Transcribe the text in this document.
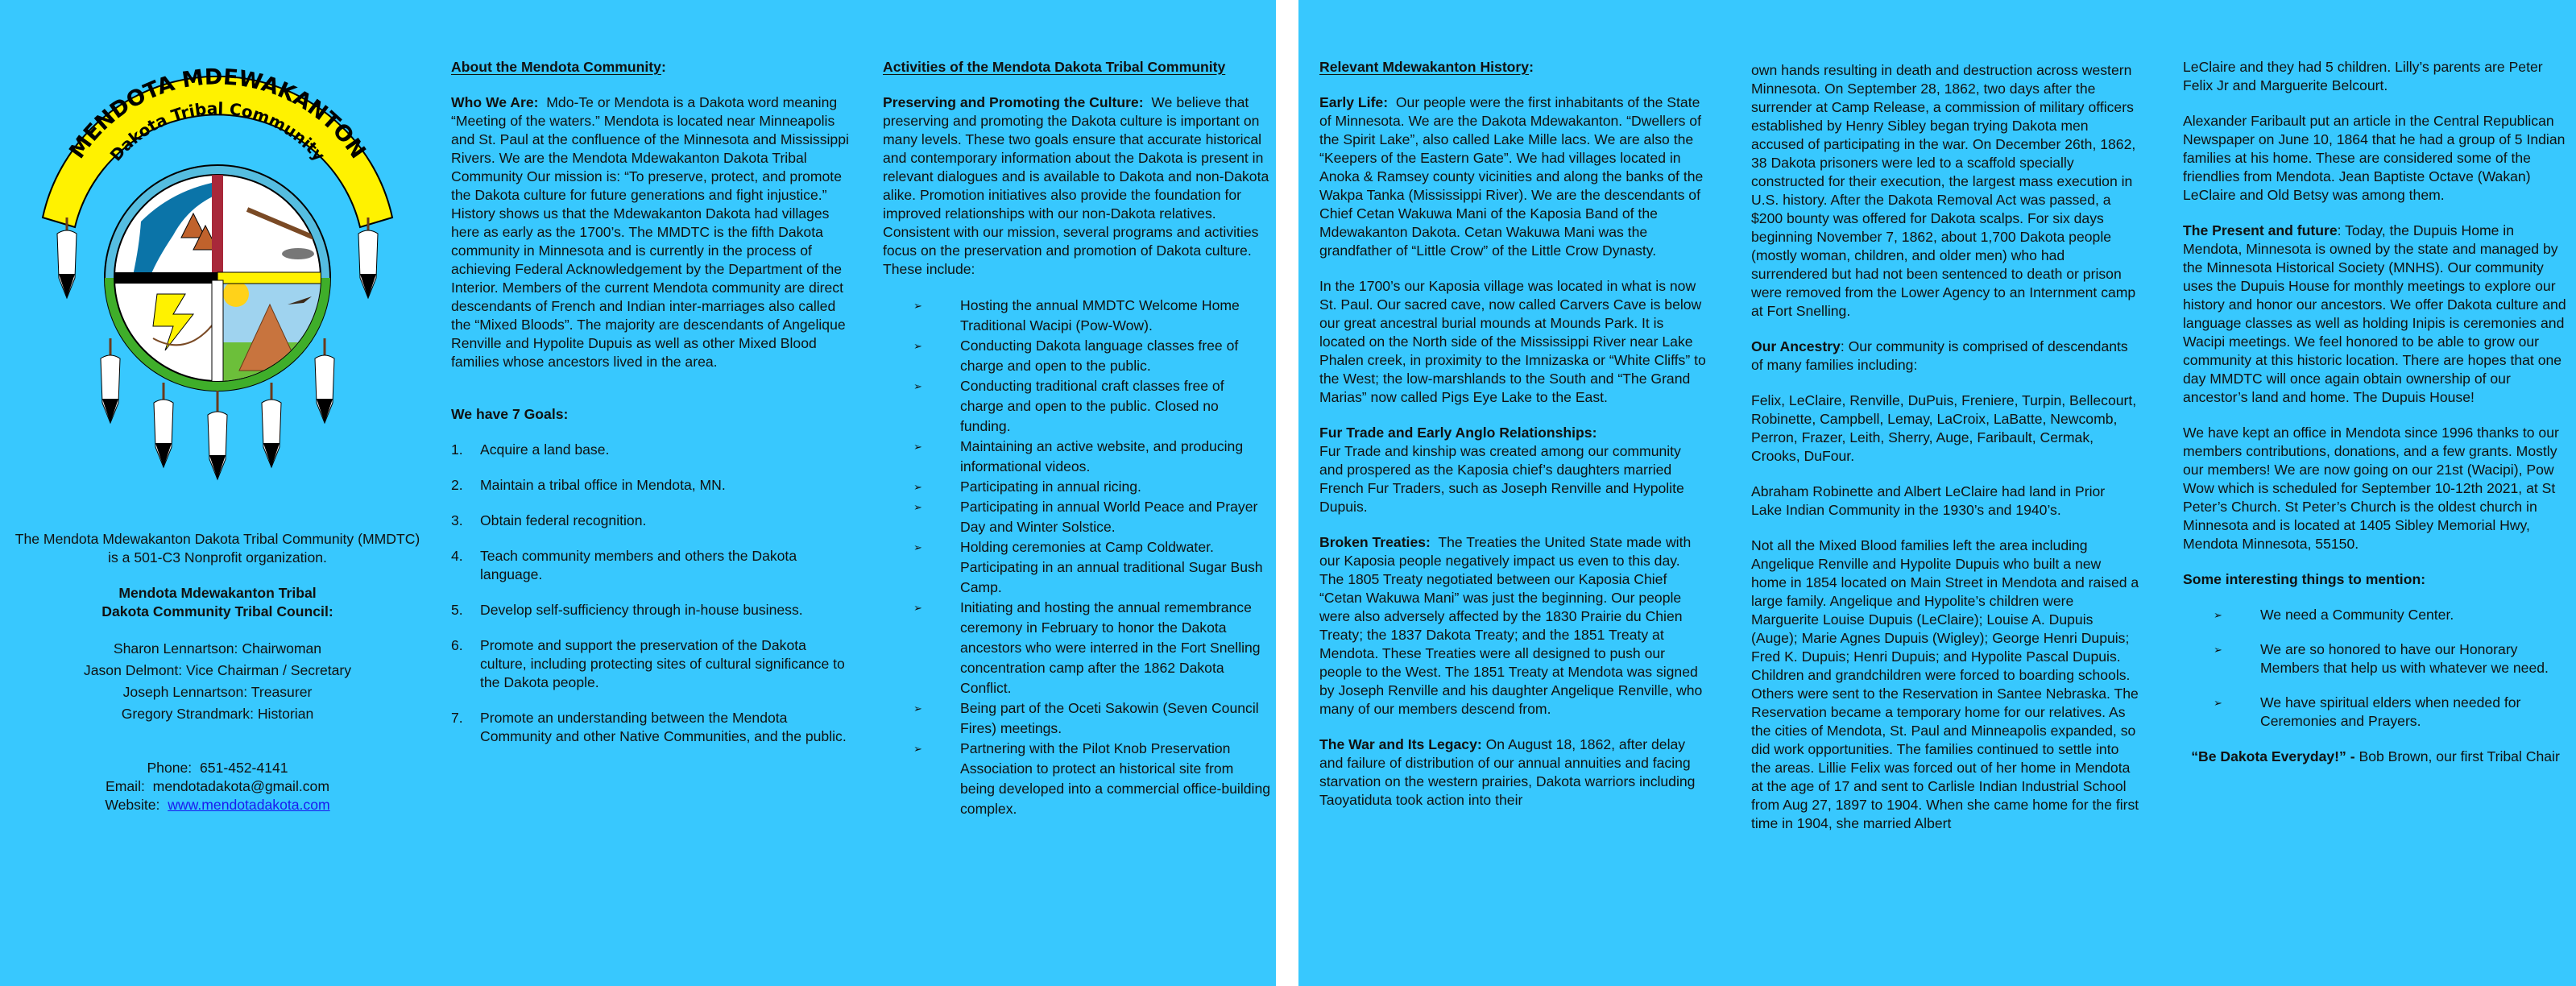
MENDOTA MDEWAKANTON
Dakota Tribal Community

The Mendota Mdewakanton Dakota Tribal Community (MMDTC) is a 501-C3 Nonprofit organization.

Mendota Mdewakanton Tribal
Dakota Community Tribal Council:

Sharon Lennartson: Chairwoman

Jason Delmont: Vice Chairman / Secretary

Joseph Lennartson: Treasurer

Gregory Strandmark: Historian

Phone: 651-452-4141

Email: mendotadakota@gmail.com

Website: www.mendotadakota.com

About the Mendota Community:

Who We Are: Mdo-Te or Mendota is a Dakota word meaning “Meeting of the waters.” Mendota is located near Minneapolis and St. Paul at the confluence of the Minnesota and Mississippi Rivers. We are the Mendota Mdewakanton Dakota Tribal Community Our mission is: “To preserve, protect, and promote the Dakota culture for future generations and fight injustice.” History shows us that the Mdewakanton Dakota had villages here as early as the 1700’s. The MMDTC is the fifth Dakota community in Minnesota and is currently in the process of achieving Federal Acknowledgement by the Department of the Interior. Members of the current Mendota community are direct descendants of French and Indian inter-marriages also called the “Mixed Bloods”. The majority are descendants of Angelique Renville and Hypolite Dupuis as well as other Mixed Blood families whose ancestors lived in the area.

We have 7 Goals:

1.	Acquire a land base.
2.	Maintain a tribal office in Mendota, MN.
3.	Obtain federal recognition.
4.	Teach community members and others the Dakota language.
5.	Develop self-sufficiency through in-house business.
6.	Promote and support the preservation of the Dakota culture, including protecting sites of cultural significance to the Dakota people.
7.	Promote an understanding between the Mendota Community and other Native Communities, and the public.

Activities of the Mendota Dakota Tribal Community

Preserving and Promoting the Culture: We believe that preserving and promoting the Dakota culture is important on many levels. These two goals ensure that accurate historical and contemporary information about the Dakota is present in relevant dialogues and is available to Dakota and non-Dakota alike. Promotion initiatives also provide the foundation for improved relationships with our non-Dakota relatives. Consistent with our mission, several programs and activities focus on the preservation and promotion of Dakota culture. These include:

➢	Hosting the annual MMDTC Welcome Home Traditional Wacipi (Pow-Wow).
➢	Conducting Dakota language classes free of charge and open to the public.
➢	Conducting traditional craft classes free of charge and open to the public. Closed no funding.
➢	Maintaining an active website, and producing informational videos.
➢	Participating in annual ricing.
➢	Participating in annual World Peace and Prayer Day and Winter Solstice.
➢	Holding ceremonies at Camp Coldwater. Participating in an annual traditional Sugar Bush Camp.
➢	Initiating and hosting the annual remembrance ceremony in February to honor the Dakota ancestors who were interred in the Fort Snelling concentration camp after the 1862 Dakota Conflict.
➢	Being part of the Oceti Sakowin (Seven Council Fires) meetings.
➢	Partnering with the Pilot Knob Preservation Association to protect an historical site from being developed into a commercial office-building complex.

Relevant Mdewakanton History:

Early Life: Our people were the first inhabitants of the State of Minnesota. We are the Dakota Mdewakanton. “Dwellers of the Spirit Lake”, also called Lake Mille lacs. We are also the “Keepers of the Eastern Gate”. We had villages located in Anoka & Ramsey county vicinities and along the banks of the Wakpa Tanka (Mississippi River). We are the descendants of Chief Cetan Wakuwa Mani of the Kaposia Band of the Mdewakanton Dakota. Cetan Wakuwa Mani was the grandfather of “Little Crow” of the Little Crow Dynasty.

In the 1700’s our Kaposia village was located in what is now St. Paul. Our sacred cave, now called Carvers Cave is below our great ancestral burial mounds at Mounds Park. It is located on the North side of the Mississippi River near Lake Phalen creek, in proximity to the Imnizaska or “White Cliffs” to the West; the low-marshlands to the South and “The Grand Marias” now called Pigs Eye Lake to the East.

Fur Trade and Early Anglo Relationships:

Fur Trade and kinship was created among our community and prospered as the Kaposia chief’s daughters married French Fur Traders, such as Joseph Renville and Hypolite Dupuis.

Broken Treaties: The Treaties the United State made with our Kaposia people negatively impact us even to this day. The 1805 Treaty negotiated between our Kaposia Chief “Cetan Wakuwa Mani” was just the beginning. Our people were also adversely affected by the 1830 Prairie du Chien Treaty; the 1837 Dakota Treaty; and the 1851 Treaty at Mendota. These Treaties were all designed to push our people to the West. The 1851 Treaty at Mendota was signed by Joseph Renville and his daughter Angelique Renville, who many of our members descend from.

The War and Its Legacy: On August 18, 1862, after delay and failure of distribution of our annual annuities and facing starvation on the western prairies, Dakota warriors including Taoyatiduta took action into their

own hands resulting in death and destruction across western Minnesota. On September 28, 1862, two days after the surrender at Camp Release, a commission of military officers established by Henry Sibley began trying Dakota men accused of participating in the war. On December 26th, 1862, 38 Dakota prisoners were led to a scaffold specially constructed for their execution, the largest mass execution in U.S. history. After the Dakota Removal Act was passed, a $200 bounty was offered for Dakota scalps. For six days beginning November 7, 1862, about 1,700 Dakota people (mostly woman, children, and older men) who had surrendered but had not been sentenced to death or prison were removed from the Lower Agency to an Internment camp at Fort Snelling.

Our Ancestry: Our community is comprised of descendants of many families including:

Felix, LeClaire, Renville, DuPuis, Freniere, Turpin, Bellecourt, Robinette, Campbell, Lemay, LaCroix, LaBatte, Newcomb, Perron, Frazer, Leith, Sherry, Auge, Faribault, Cermak, Crooks, DuFour.

Abraham Robinette and Albert LeClaire had land in Prior Lake Indian Community in the 1930’s and 1940’s.

Not all the Mixed Blood families left the area including Angelique Renville and Hypolite Dupuis who built a new home in 1854 located on Main Street in Mendota and raised a large family. Angelique and Hypolite’s children were Marguerite Louise Dupuis (LeClaire); Louise A. Dupuis (Auge); Marie Agnes Dupuis (Wigley); George Henri Dupuis; Fred K. Dupuis; Henri Dupuis; and Hypolite Pascal Dupuis. Children and grandchildren were forced to boarding schools. Others were sent to the Reservation in Santee Nebraska. The Reservation became a temporary home for our relatives. As the cities of Mendota, St. Paul and Minneapolis expanded, so did work opportunities. The families continued to settle into the areas. Lillie Felix was forced out of her home in Mendota at the age of 17 and sent to Carlisle Indian Industrial School from Aug 27, 1897 to 1904. When she came home for the first time in 1904, she married Albert

LeClaire and they had 5 children. Lilly’s parents are Peter Felix Jr and Marguerite Belcourt.

Alexander Faribault put an article in the Central Republican Newspaper on June 10, 1864 that he had a group of 5 Indian families at his home. These are considered some of the friendlies from Mendota. Jean Baptiste Octave (Wakan) LeClaire and Old Betsy was among them.

The Present and future: Today, the Dupuis Home in Mendota, Minnesota is owned by the state and managed by the Minnesota Historical Society (MNHS). Our community uses the Dupuis House for monthly meetings to explore our history and honor our ancestors. We offer Dakota culture and language classes as well as holding Inipis is ceremonies and Wacipi meetings. We feel honored to be able to grow our community at this historic location. There are hopes that one day MMDTC will once again obtain ownership of our ancestor’s land and home. The Dupuis House!

We have kept an office in Mendota since 1996 thanks to our members contributions, donations, and a few grants. Mostly our members! We are now going on our 21st (Wacipi), Pow Wow which is scheduled for September 10-12th 2021, at St Peter’s Church. St Peter’s Church is the oldest church in Minnesota and is located at 1405 Sibley Memorial Hwy, Mendota Minnesota, 55150.

Some interesting things to mention:

➢	We need a Community Center.
➢	We are so honored to have our Honorary Members that help us with whatever we need.
➢	We have spiritual elders when needed for Ceremonies and Prayers.

“Be Dakota Everyday!” - Bob Brown, our first Tribal Chair
